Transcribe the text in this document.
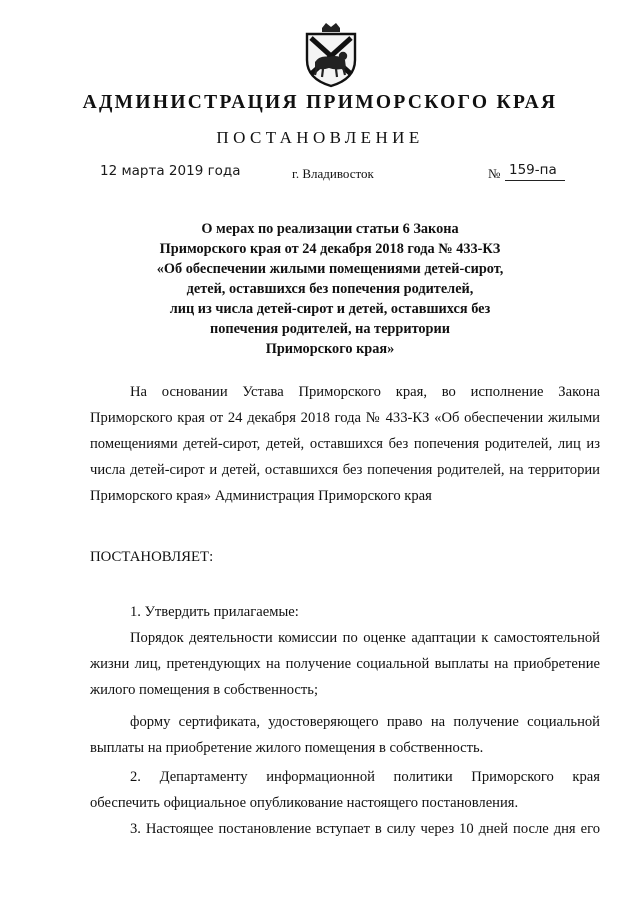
АДМИНИСТРАЦИЯ ПРИМОРСКОГО КРАЯ
ПОСТАНОВЛЕНИЕ
12 марта 2019 года	г. Владивосток	№ 159-па
О мерах по реализации статьи 6 Закона
Приморского края от 24 декабря 2018 года № 433-КЗ
«Об обеспечении жилыми помещениями детей-сирот,
детей, оставшихся без попечения родителей,
лиц из числа детей-сирот и детей, оставшихся без
попечения родителей, на территории
Приморского края»
На основании Устава Приморского края, во исполнение Закона
Приморского края от 24 декабря 2018 года № 433-КЗ «Об обеспечении жилыми
помещениями детей-сирот, детей, оставшихся без попечения родителей, лиц из
числа детей-сирот и детей, оставшихся без попечения родителей, на территории
Приморского края» Администрация Приморского края
ПОСТАНОВЛЯЕТ:
1. Утвердить прилагаемые:
Порядок деятельности комиссии по оценке адаптации к самостоятельной
жизни лиц, претендующих на получение социальной выплаты на приобретение
жилого помещения в собственность;
форму сертификата, удостоверяющего право на получение социальной
выплаты на приобретение жилого помещения в собственность.
2. Департаменту информационной политики Приморского края
обеспечить официальное опубликование настоящего постановления.
3. Настоящее постановление вступает в силу через 10 дней после дня его
